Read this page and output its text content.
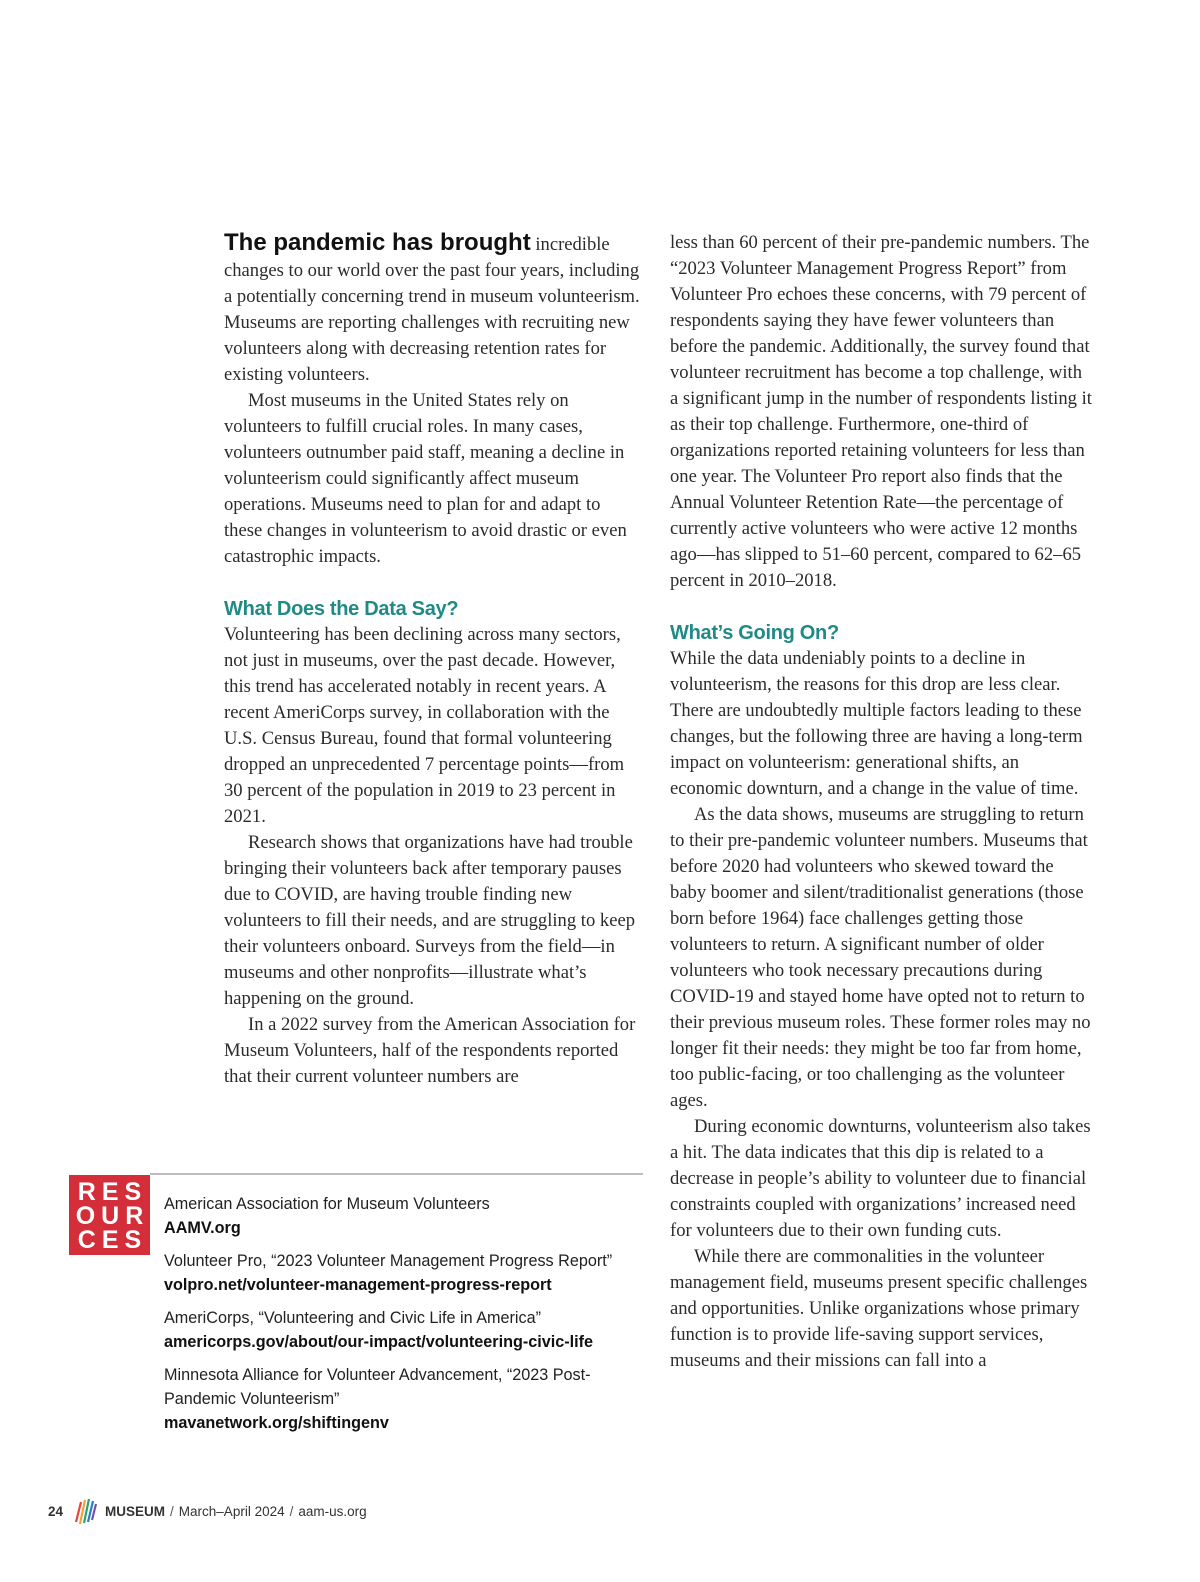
The pandemic has brought incredible changes to our world over the past four years, including a potentially concerning trend in museum volunteerism. Museums are reporting challenges with recruiting new volunteers along with decreasing retention rates for existing volunteers.

Most museums in the United States rely on volunteers to fulfill crucial roles. In many cases, volunteers outnumber paid staff, meaning a decline in volunteerism could significantly affect museum operations. Museums need to plan for and adapt to these changes in volunteerism to avoid drastic or even catastrophic impacts.

What Does the Data Say?

Volunteering has been declining across many sectors, not just in museums, over the past decade. However, this trend has accelerated notably in recent years. A recent AmeriCorps survey, in collaboration with the U.S. Census Bureau, found that formal volunteering dropped an unprecedented 7 percentage points—from 30 percent of the population in 2019 to 23 percent in 2021.

Research shows that organizations have had trouble bringing their volunteers back after temporary pauses due to COVID, are having trouble finding new volunteers to fill their needs, and are struggling to keep their volunteers onboard. Surveys from the field—in museums and other nonprofits—illustrate what’s happening on the ground.

In a 2022 survey from the American Association for Museum Volunteers, half of the respondents reported that their current volunteer numbers are

less than 60 percent of their pre-pandemic numbers. The “2023 Volunteer Management Progress Report” from Volunteer Pro echoes these concerns, with 79 percent of respondents saying they have fewer volunteers than before the pandemic. Additionally, the survey found that volunteer recruitment has become a top challenge, with a significant jump in the number of respondents listing it as their top challenge. Furthermore, one-third of organizations reported retaining volunteers for less than one year. The Volunteer Pro report also finds that the Annual Volunteer Retention Rate—the percentage of currently active volunteers who were active 12 months ago—has slipped to 51–60 percent, compared to 62–65 percent in 2010–2018.

What’s Going On?

While the data undeniably points to a decline in volunteerism, the reasons for this drop are less clear. There are undoubtedly multiple factors leading to these changes, but the following three are having a long-term impact on volunteerism: generational shifts, an economic downturn, and a change in the value of time.

As the data shows, museums are struggling to return to their pre-pandemic volunteer numbers. Museums that before 2020 had volunteers who skewed toward the baby boomer and silent/traditionalist generations (those born before 1964) face challenges getting those volunteers to return. A significant number of older volunteers who took necessary precautions during COVID-19 and stayed home have opted not to return to their previous museum roles. These former roles may no longer fit their needs: they might be too far from home, too public-facing, or too challenging as the volunteer ages.

During economic downturns, volunteerism also takes a hit. The data indicates that this dip is related to a decrease in people’s ability to volunteer due to financial constraints coupled with organizations’ increased need for volunteers due to their own funding cuts.

While there are commonalities in the volunteer management field, museums present specific challenges and opportunities. Unlike organizations whose primary function is to provide life-saving support services, museums and their missions can fall into a

RES
OUR
CES
American Association for Museum Volunteers
AAMV.org
Volunteer Pro, “2023 Volunteer Management Progress Report”
volpro.net/volunteer-management-progress-report
AmeriCorps, “Volunteering and Civic Life in America”
americorps.gov/about/our-impact/volunteering-civic-life
Minnesota Alliance for Volunteer Advancement, “2023 Post-Pandemic Volunteerism”
mavanetwork.org/shiftingenv
24	MUSEUM / March–April 2024 / aam-us.org
